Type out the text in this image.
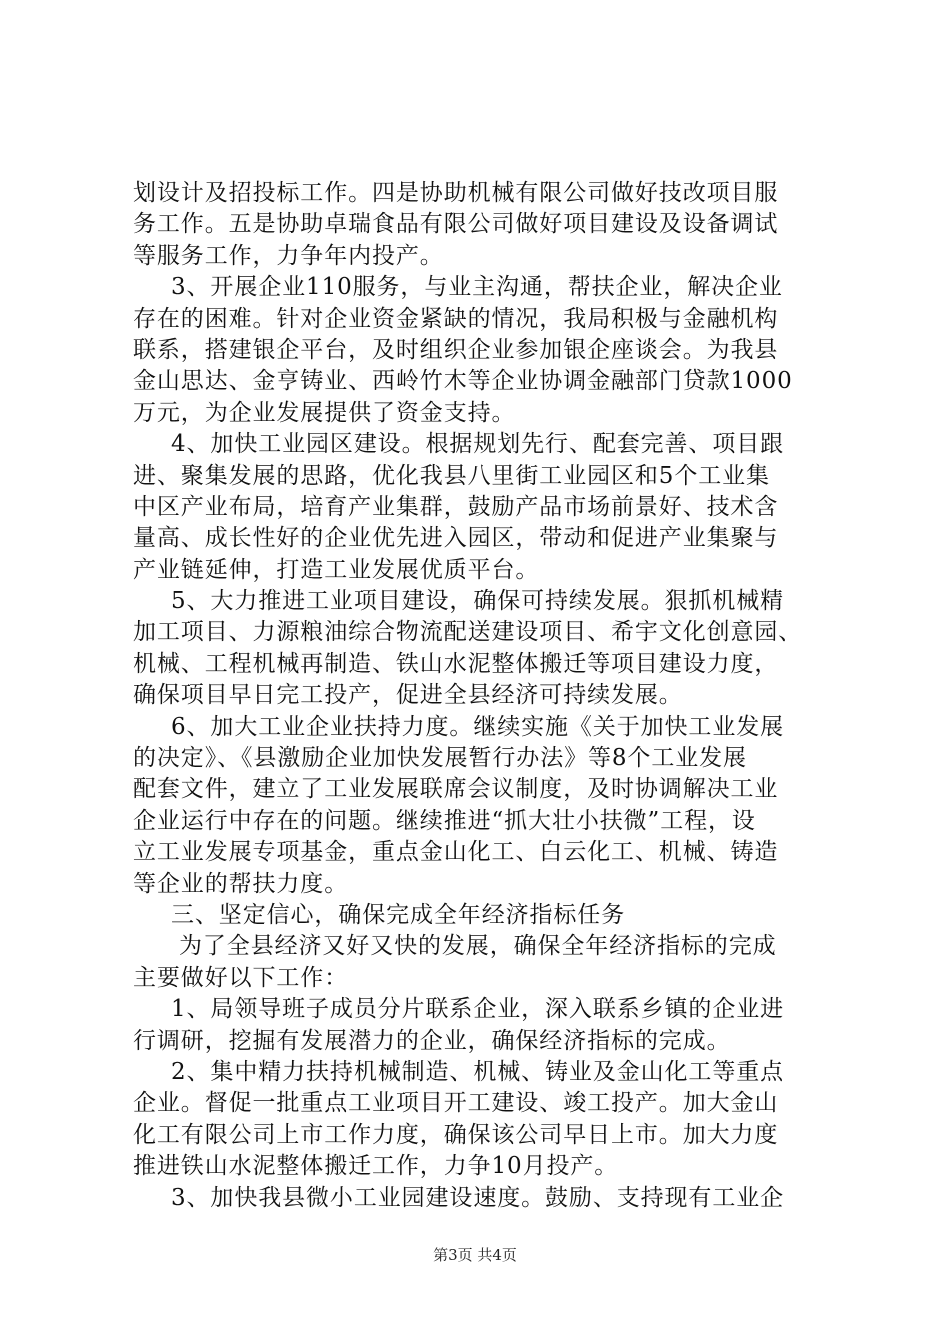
划设计及招投标工作。四是协助机械有限公司做好技改项目服
务工作。五是协助卓瑞食品有限公司做好项目建设及设备调试
等服务工作，力争年内投产。
3、开展企业110服务，与业主沟通，帮扶企业，解决企业
存在的困难。针对企业资金紧缺的情况，我局积极与金融机构
联系，搭建银企平台，及时组织企业参加银企座谈会。为我县
金山思达、金亨铸业、西岭竹木等企业协调金融部门贷款1000
万元，为企业发展提供了资金支持。
4、加快工业园区建设。根据规划先行、配套完善、项目跟
进、聚集发展的思路，优化我县八里街工业园区和5个工业集
中区产业布局，培育产业集群，鼓励产品市场前景好、技术含
量高、成长性好的企业优先进入园区，带动和促进产业集聚与
产业链延伸，打造工业发展优质平台。
5、大力推进工业项目建设，确保可持续发展。狠抓机械精
加工项目、力源粮油综合物流配送建设项目、希宇文化创意园、
机械、工程机械再制造、铁山水泥整体搬迁等项目建设力度，
确保项目早日完工投产，促进全县经济可持续发展。
6、加大工业企业扶持力度。继续实施《关于加快工业发展
的决定》、《县激励企业加快发展暂行办法》等8个工业发展
配套文件，建立了工业发展联席会议制度，及时协调解决工业
企业运行中存在的问题。继续推进“抓大壮小扶微”工程，设
立工业发展专项基金，重点金山化工、白云化工、机械、铸造
等企业的帮扶力度。
三、坚定信心，确保完成全年经济指标任务
为了全县经济又好又快的发展，确保全年经济指标的完成
主要做好以下工作：
1、局领导班子成员分片联系企业，深入联系乡镇的企业进
行调研，挖掘有发展潜力的企业，确保经济指标的完成。
2、集中精力扶持机械制造、机械、铸业及金山化工等重点
企业。督促一批重点工业项目开工建设、竣工投产。加大金山
化工有限公司上市工作力度，确保该公司早日上市。加大力度
推进铁山水泥整体搬迁工作，力争10月投产。
3、加快我县微小工业园建设速度。鼓励、支持现有工业企
第3页 共4页
